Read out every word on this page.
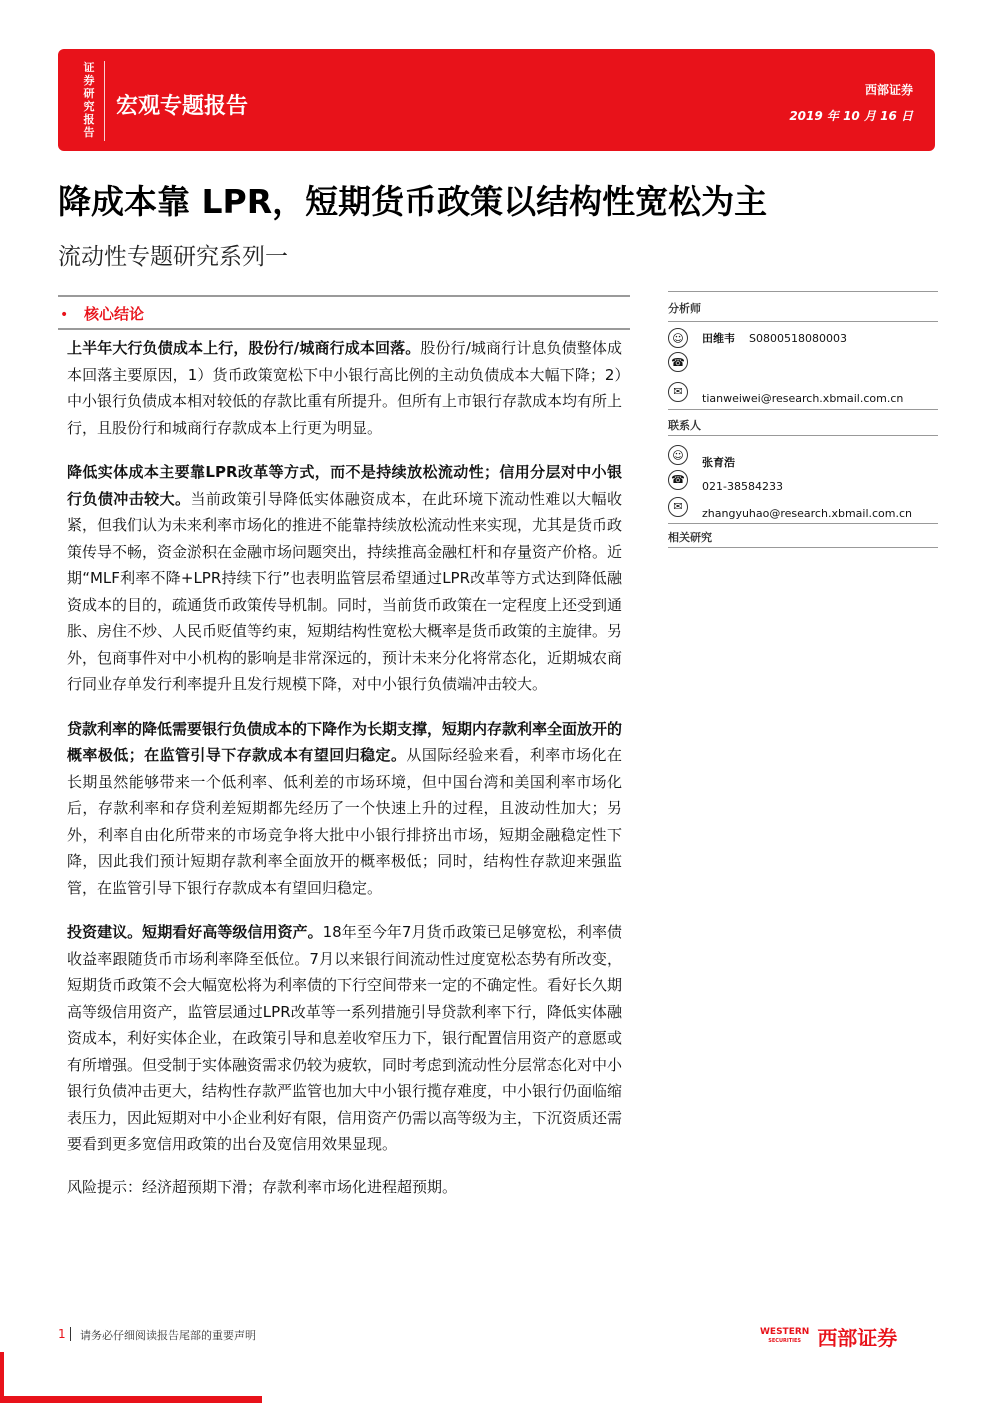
证
券
研
究
报
告
宏观专题报告
西部证券
2019 年 10 月 16 日
降成本靠 LPR，短期货币政策以结构性宽松为主
流动性专题研究系列一
• 核心结论

上半年大行负债成本上行，股份行/城商行成本回落。股份行/城商行计息负债整体成本回落主要原因，1）货币政策宽松下中小银行高比例的主动负债成本大幅下降；2）中小银行负债成本相对较低的存款比重有所提升。但所有上市银行存款成本均有所上行，且股份行和城商行存款成本上行更为明显。

降低实体成本主要靠LPR改革等方式，而不是持续放松流动性；信用分层对中小银行负债冲击较大。当前政策引导降低实体融资成本，在此环境下流动性难以大幅收紧，但我们认为未来利率市场化的推进不能靠持续放松流动性来实现，尤其是货币政策传导不畅，资金淤积在金融市场问题突出，持续推高金融杠杆和存量资产价格。近期“MLF利率不降+LPR持续下行”也表明监管层希望通过LPR改革等方式达到降低融资成本的目的，疏通货币政策传导机制。同时，当前货币政策在一定程度上还受到通胀、房住不炒、人民币贬值等约束，短期结构性宽松大概率是货币政策的主旋律。另外，包商事件对中小机构的影响是非常深远的，预计未来分化将常态化，近期城农商行同业存单发行利率提升且发行规模下降，对中小银行负债端冲击较大。

贷款利率的降低需要银行负债成本的下降作为长期支撑，短期内存款利率全面放开的概率极低；在监管引导下存款成本有望回归稳定。从国际经验来看，利率市场化在长期虽然能够带来一个低利率、低利差的市场环境，但中国台湾和美国利率市场化后，存款利率和存贷利差短期都先经历了一个快速上升的过程，且波动性加大；另外，利率自由化所带来的市场竞争将大批中小银行排挤出市场，短期金融稳定性下降，因此我们预计短期存款利率全面放开的概率极低；同时，结构性存款迎来强监管，在监管引导下银行存款成本有望回归稳定。

投资建议。短期看好高等级信用资产。18年至今年7月货币政策已足够宽松，利率债收益率跟随货币市场利率降至低位。7月以来银行间流动性过度宽松态势有所改变，短期货币政策不会大幅宽松将为利率债的下行空间带来一定的不确定性。看好长久期高等级信用资产，监管层通过LPR改革等一系列措施引导贷款利率下行，降低实体融资成本，利好实体企业，在政策引导和息差收窄压力下，银行配置信用资产的意愿或有所增强。但受制于实体融资需求仍较为疲软，同时考虑到流动性分层常态化对中小银行负债冲击更大，结构性存款严监管也加大中小银行揽存难度，中小银行仍面临缩表压力，因此短期对中小企业利好有限，信用资产仍需以高等级为主，下沉资质还需要看到更多宽信用政策的出台及宽信用效果显现。

风险提示：经济超预期下滑；存款利率市场化进程超预期。

分析师
☺	田维韦 S0800518080003
☎
✉
tianweiwei@research.xbmail.com.cn
联系人
☺
张育浩
☎
021-38584233
✉
zhangyuhao@research.xbmail.com.cn
相关研究
1 请务必仔细阅读报告尾部的重要声明	WESTERN
SECURITIES 西部证券
